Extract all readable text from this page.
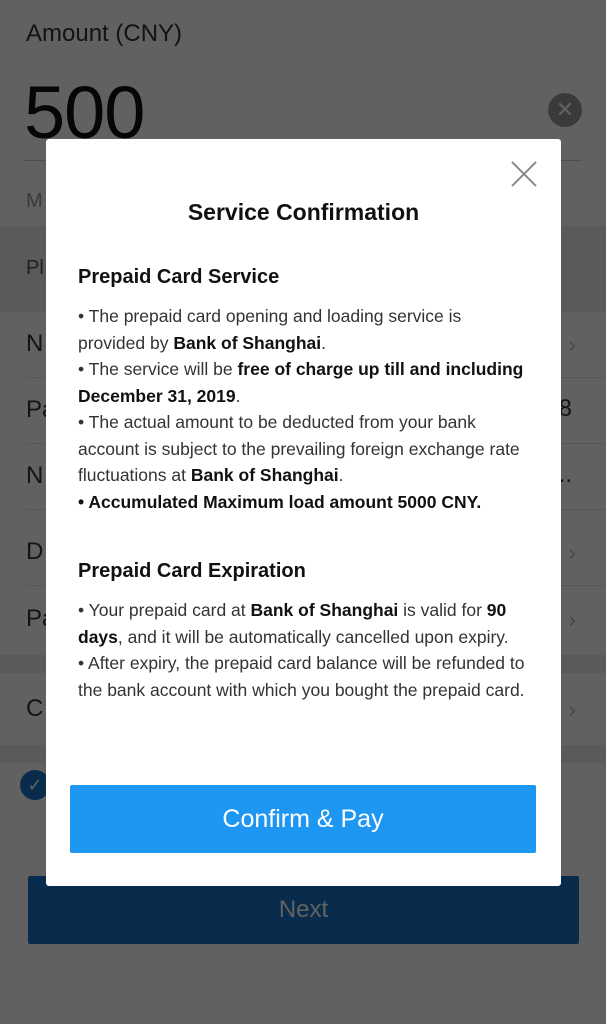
Service Confirmation
Prepaid Card Service

• The prepaid card opening and loading service is provided by Bank of Shanghai.

• The service will be free of charge up till and including December 31, 2019.

• The actual amount to be deducted from your bank account is subject to the prevailing foreign exchange rate fluctuations at Bank of Shanghai.

• Accumulated Maximum load amount 5000 CNY.

Prepaid Card Expiration

• Your prepaid card at Bank of Shanghai is valid for 90 days, and it will be automatically cancelled upon expiry.

• After expiry, the prepaid card balance will be refunded to the bank account with which you bought the prepaid card.

Confirm & Pay
